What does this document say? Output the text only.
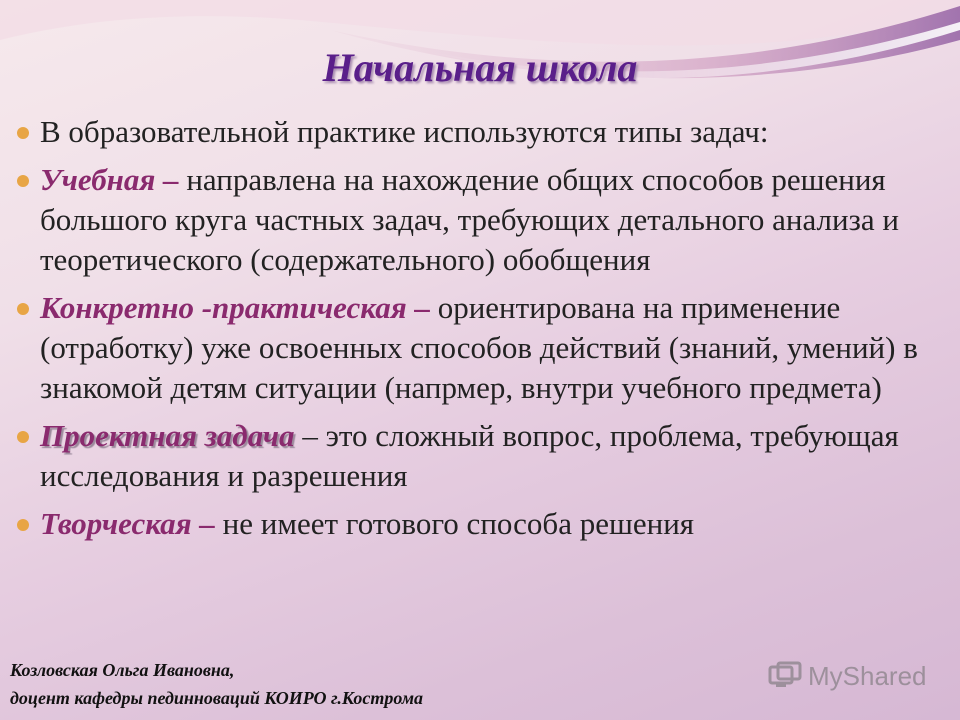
Начальная школа
В образовательной практике используются типы задач:
Учебная – направлена на нахождение общих способов решения большого круга частных задач, требующих детального анализа и теоретического (содержательного) обобщения
Конкретно -практическая – ориентирована на применение (отработку) уже освоенных способов действий (знаний, умений) в знакомой детям ситуации (напрмер, внутри учебного предмета)
Проектная задача – это сложный вопрос, проблема, требующая исследования и разрешения
Творческая – не имеет готового способа решения
Козловская Ольга Ивановна,
доцент кафедры пединноваций КОИРО г.Кострома
MyShared
